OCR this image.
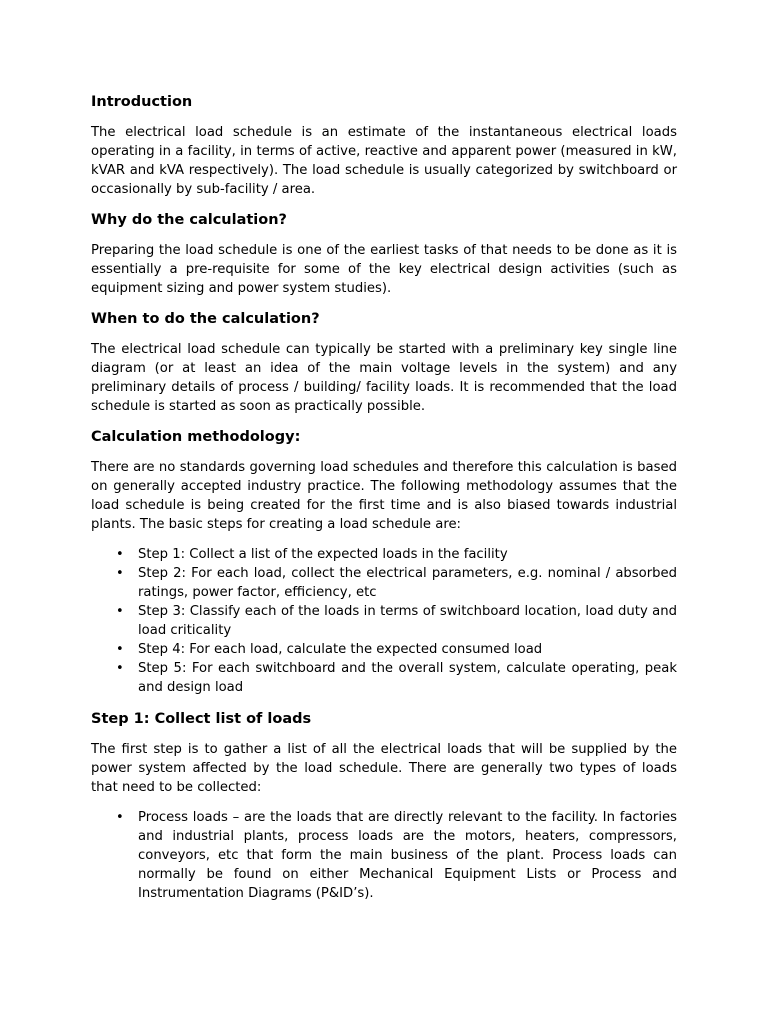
Introduction

The electrical load schedule is an estimate of the instantaneous electrical loads operating in a facility, in terms of active, reactive and apparent power (measured in kW, kVAR and kVA respectively). The load schedule is usually categorized by switchboard or occasionally by sub-facility / area.

Why do the calculation?

Preparing the load schedule is one of the earliest tasks of that needs to be done as it is essentially a pre-requisite for some of the key electrical design activities (such as equipment sizing and power system studies).

When to do the calculation?

The electrical load schedule can typically be started with a preliminary key single line diagram (or at least an idea of the main voltage levels in the system) and any preliminary details of process / building/ facility loads. It is recommended that the load schedule is started as soon as practically possible.

Calculation methodology:

There are no standards governing load schedules and therefore this calculation is based on generally accepted industry practice. The following methodology assumes that the load schedule is being created for the first time and is also biased towards industrial plants. The basic steps for creating a load schedule are:

• Step 1: Collect a list of the expected loads in the facility
• Step 2: For each load, collect the electrical parameters, e.g. nominal / absorbed ratings, power factor, efficiency, etc
• Step 3: Classify each of the loads in terms of switchboard location, load duty and load criticality
• Step 4: For each load, calculate the expected consumed load
• Step 5: For each switchboard and the overall system, calculate operating, peak and design load
Step 1: Collect list of loads

The first step is to gather a list of all the electrical loads that will be supplied by the power system affected by the load schedule. There are generally two types of loads that need to be collected:

• Process loads – are the loads that are directly relevant to the facility. In factories and industrial plants, process loads are the motors, heaters, compressors, conveyors, etc that form the main business of the plant. Process loads can normally be found on either Mechanical Equipment Lists or Process and Instrumentation Diagrams (P&ID’s).
